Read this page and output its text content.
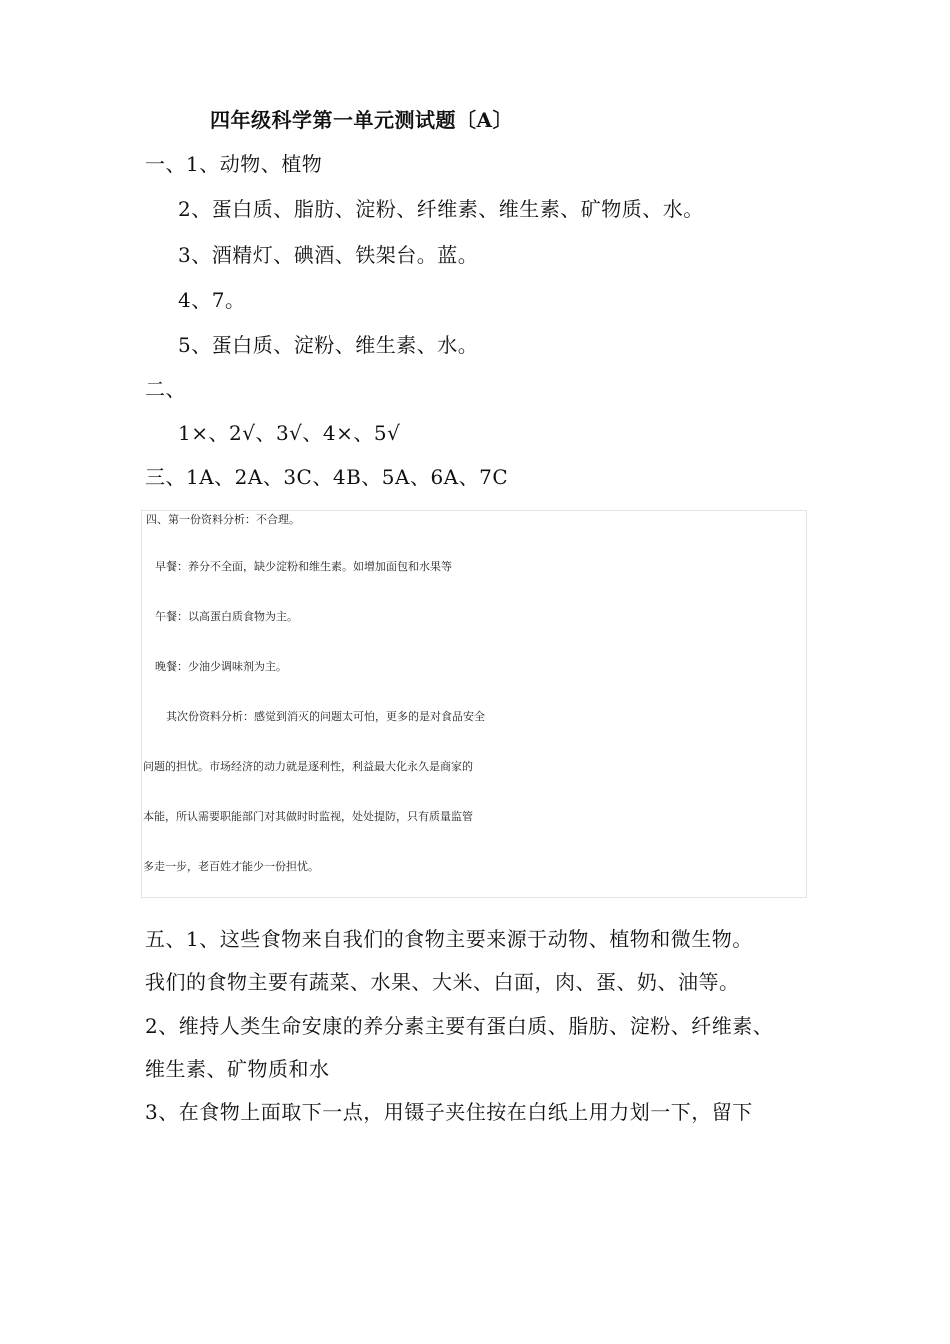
四年级科学第一单元测试题〔A〕
一、1、动物、植物
2、蛋白质、脂肪、淀粉、纤维素、维生素、矿物质、水。
3、酒精灯、碘酒、铁架台。蓝。
4、7。
5、蛋白质、淀粉、维生素、水。
二、
1×、2√、3√、4×、5√
三、1A、2A、3C、4B、5A、6A、7C
四、第一份资料分析：不合理。
早餐：养分不全面，缺少淀粉和维生素。如增加面包和水果等
午餐：以高蛋白质食物为主。
晚餐：少油少调味剂为主。
其次份资料分析：感觉到消灭的问题太可怕，更多的是对食品安全
问题的担忧。市场经济的动力就是逐利性，利益最大化永久是商家的
本能，所认需要职能部门对其做时时监视，处处提防，只有质量监管
多走一步，老百姓才能少一份担忧。
五、1、这些食物来自我们的食物主要来源于动物、植物和微生物。
我们的食物主要有蔬菜、水果、大米、白面，肉、蛋、奶、油等。
2、维持人类生命安康的养分素主要有蛋白质、脂肪、淀粉、纤维素、
维生素、矿物质和水
3、在食物上面取下一点，用镊子夹住按在白纸上用力划一下，留下
